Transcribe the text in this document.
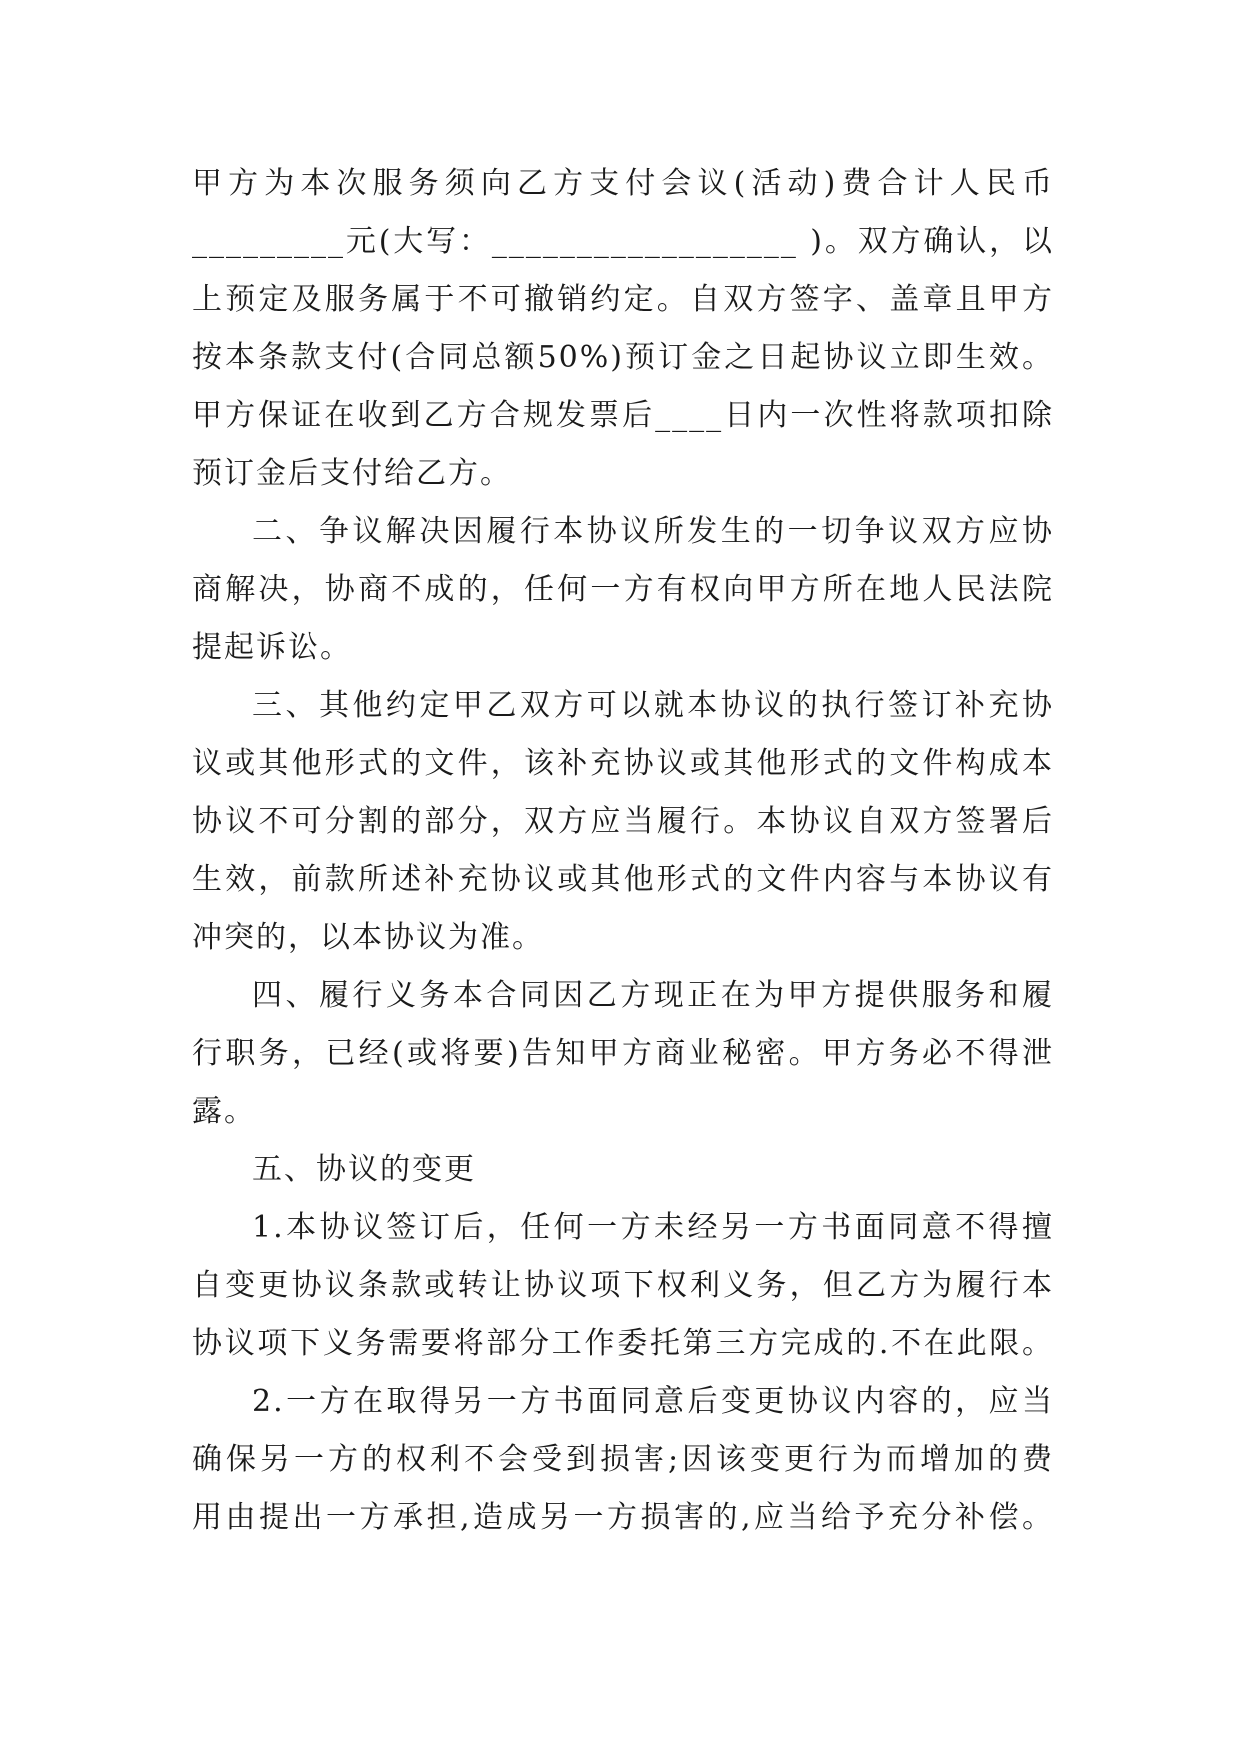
甲方为本次服务须向乙方支付会议(活动)费合计人民币
_________元(大写：__________________ )。双方确认，以
上预定及服务属于不可撤销约定。自双方签字、盖章且甲方
按本条款支付(合同总额50%)预订金之日起协议立即生效。
甲方保证在收到乙方合规发票后____日内一次性将款项扣除
预订金后支付给乙方。
二、争议解决因履行本协议所发生的一切争议双方应协
商解决，协商不成的，任何一方有权向甲方所在地人民法院
提起诉讼。
三、其他约定甲乙双方可以就本协议的执行签订补充协
议或其他形式的文件，该补充协议或其他形式的文件构成本
协议不可分割的部分，双方应当履行。本协议自双方签署后
生效，前款所述补充协议或其他形式的文件内容与本协议有
冲突的，以本协议为准。
四、履行义务本合同因乙方现正在为甲方提供服务和履
行职务，已经(或将要)告知甲方商业秘密。甲方务必不得泄
露。
五、协议的变更
1.本协议签订后，任何一方未经另一方书面同意不得擅
自变更协议条款或转让协议项下权利义务，但乙方为履行本
协议项下义务需要将部分工作委托第三方完成的.不在此限。
2.一方在取得另一方书面同意后变更协议内容的，应当
确保另一方的权利不会受到损害;因该变更行为而增加的费
用由提出一方承担,造成另一方损害的,应当给予充分补偿。
